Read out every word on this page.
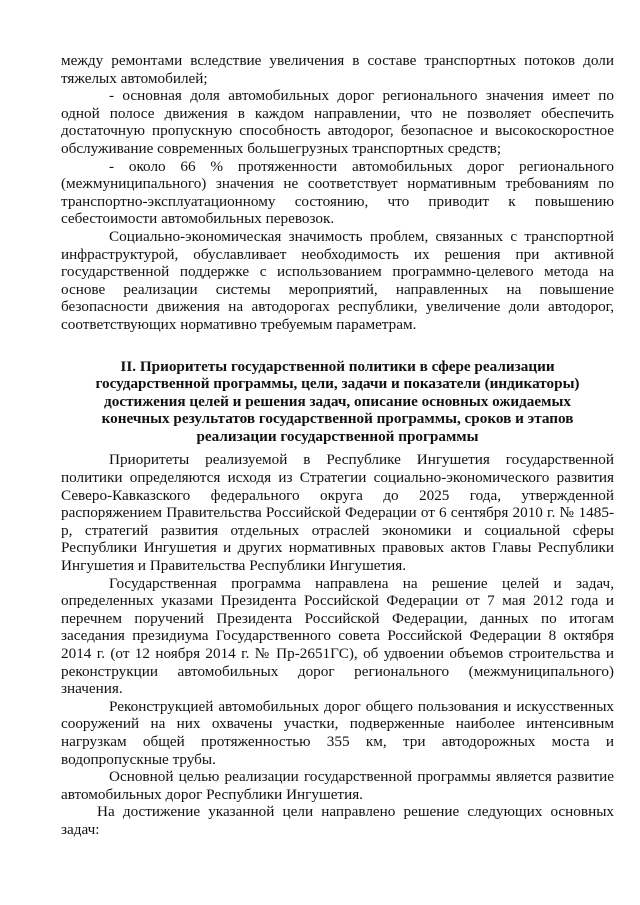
между ремонтами вследствие увеличения в составе транспортных потоков доли тяжелых автомобилей;

- основная доля автомобильных дорог регионального значения имеет по одной полосе движения в каждом направлении, что не позволяет обеспечить достаточную пропускную способность автодорог, безопасное и высокоскоростное обслуживание современных большегрузных транспортных средств;

- около 66 % протяженности автомобильных дорог регионального (межмуниципального) значения не соответствует нормативным требованиям по транспортно-эксплуатационному состоянию, что приводит к повышению себестоимости автомобильных перевозок.

Социально-экономическая значимость проблем, связанных с транспортной инфраструктурой, обуславливает необходимость их решения при активной государственной поддержке с использованием программно-целевого метода на основе реализации системы мероприятий, направленных на повышение безопасности движения на автодорогах республики, увеличение доли автодорог, соответствующих нормативно требуемым параметрам.

II. Приоритеты государственной политики в сфере реализации государственной программы, цели, задачи и показатели (индикаторы) достижения целей и решения задач, описание основных ожидаемых конечных результатов государственной программы, сроков и этапов реализации государственной программы

Приоритеты реализуемой в Республике Ингушетия государственной политики определяются исходя из Стратегии социально-экономического развития Северо-Кавказского федерального округа до 2025 года, утвержденной распоряжением Правительства Российской Федерации от 6 сентября 2010 г. № 1485-р, стратегий развития отдельных отраслей экономики и социальной сферы Республики Ингушетия и других нормативных правовых актов Главы Республики Ингушетия и Правительства Республики Ингушетия.

Государственная программа направлена на решение целей и задач, определенных указами Президента Российской Федерации от 7 мая 2012 года и перечнем поручений Президента Российской Федерации, данных по итогам заседания президиума Государственного совета Российской Федерации 8 октября 2014 г. (от 12 ноября 2014 г. № Пр-2651ГС), об удвоении объемов строительства и реконструкции автомобильных дорог регионального (межмуниципального) значения.

Реконструкцией автомобильных дорог общего пользования и искусственных сооружений на них охвачены участки, подверженные наиболее интенсивным нагрузкам общей протяженностью 355 км, три автодорожных моста и водопропускные трубы.

Основной целью реализации государственной программы является развитие автомобильных дорог Республики Ингушетия.

На достижение указанной цели направлено решение следующих основных задач:
